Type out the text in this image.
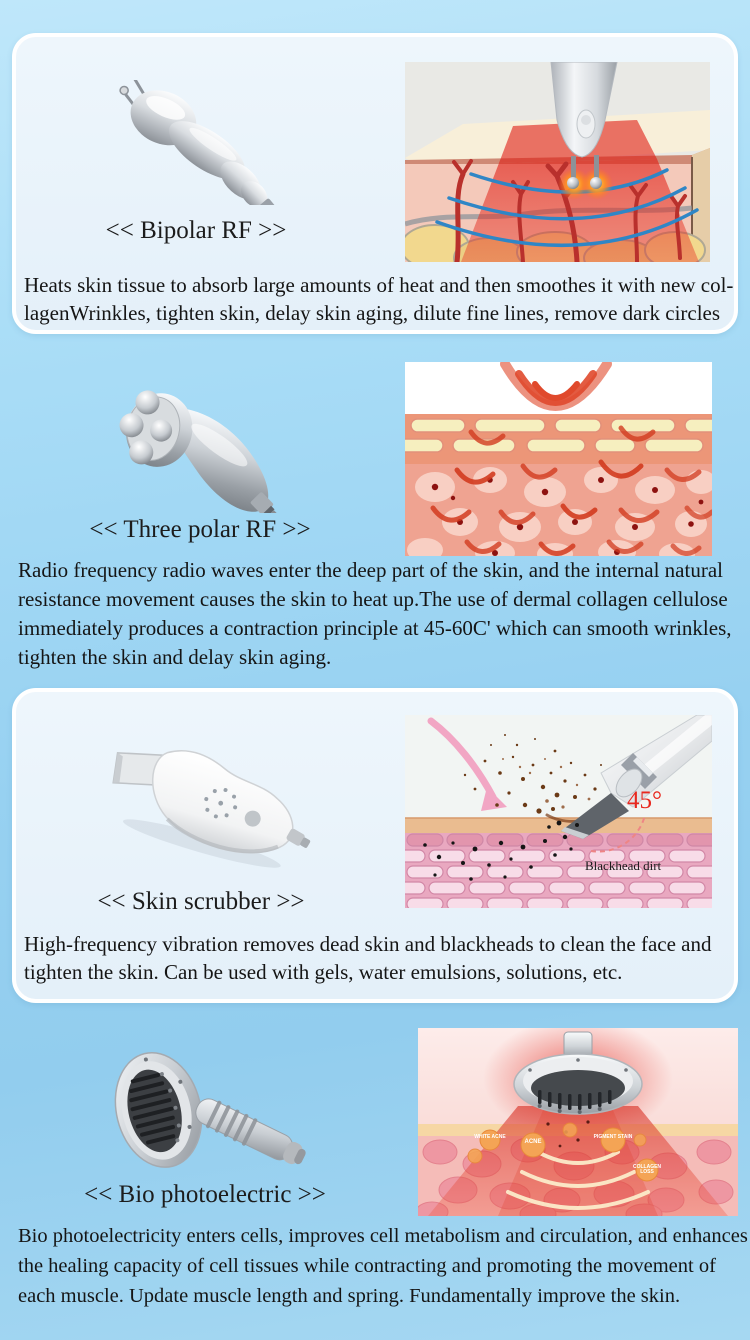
<< Bipolar RF >>
Heats skin tissue to absorb large amounts of heat and then smoothes it with new col-
lagenWrinkles, tighten skin, delay skin aging, dilute fine lines, remove dark circles
<< Three polar RF >>
Radio frequency radio waves enter the deep part of the skin, and the internal natural
resistance movement causes the skin to heat up.The use of dermal collagen cellulose
immediately produces a contraction principle at 45-60C' which can smooth wrinkles,
tighten the skin and delay skin aging.
<< Skin scrubber >>
45°
Blackhead dirt
High-frequency vibration removes dead skin and blackheads to clean the face and
tighten the skin. Can be used with gels, water emulsions, solutions, etc.
<< Bio photoelectric >>
WHITE ACNE
ACNE
PIGMENT STAIN
COLLAGEN LOSS
Bio photoelectricity enters cells, improves cell metabolism and circulation, and enhances
the healing capacity of cell tissues while contracting and promoting the movement of
each muscle. Update muscle length and spring. Fundamentally improve the skin.
